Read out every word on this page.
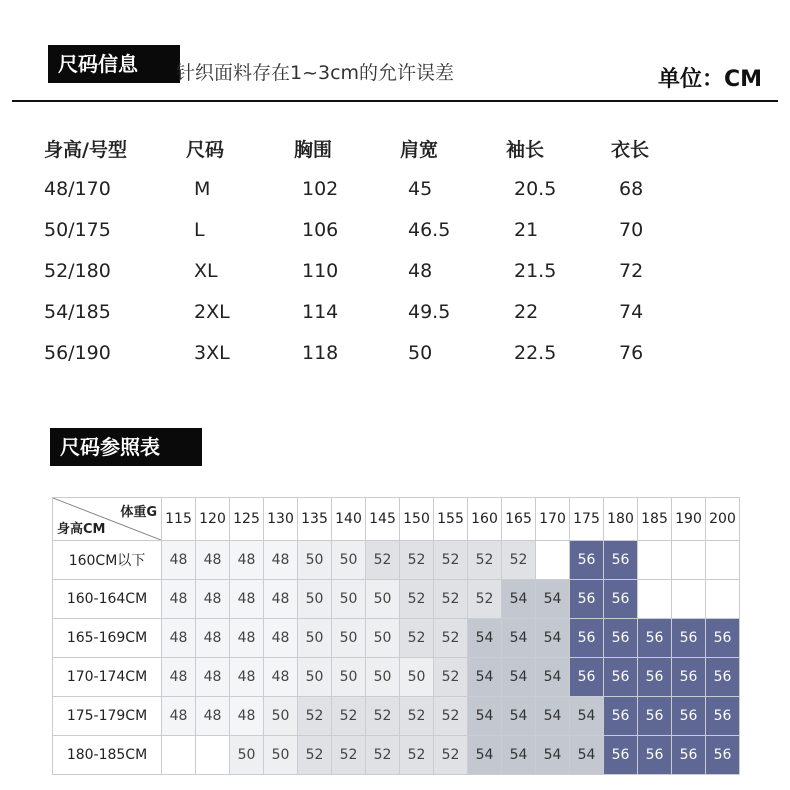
尺码信息	针织面料存在1~3cm的允许误差	单位：CM
身高/号型	尺码	胸围	肩宽	袖长	衣长
48/170	M	102	45	20.5	68
50/175	L	106	46.5	21	70
52/180	XL	110	48	21.5	72
54/185	2XL	114	49.5	22	74
56/190	3XL	118	50	22.5	76
尺码参照表
体重G
身高CM	115	120	125	130	135	140	145	150	155	160	165	170	175	180	185	190	200
160CM以下	48	48	48	48	50	50	52	52	52	52	52		56	56			
160-164CM	48	48	48	48	50	50	50	52	52	52	54	54	56	56			
165-169CM	48	48	48	48	50	50	50	52	52	54	54	54	56	56	56	56	56
170-174CM	48	48	48	48	50	50	50	50	52	54	54	54	56	56	56	56	56
175-179CM	48	48	48	50	52	52	52	52	52	54	54	54	54	56	56	56	56
180-185CM			50	50	52	52	52	52	52	54	54	54	54	56	56	56	56
